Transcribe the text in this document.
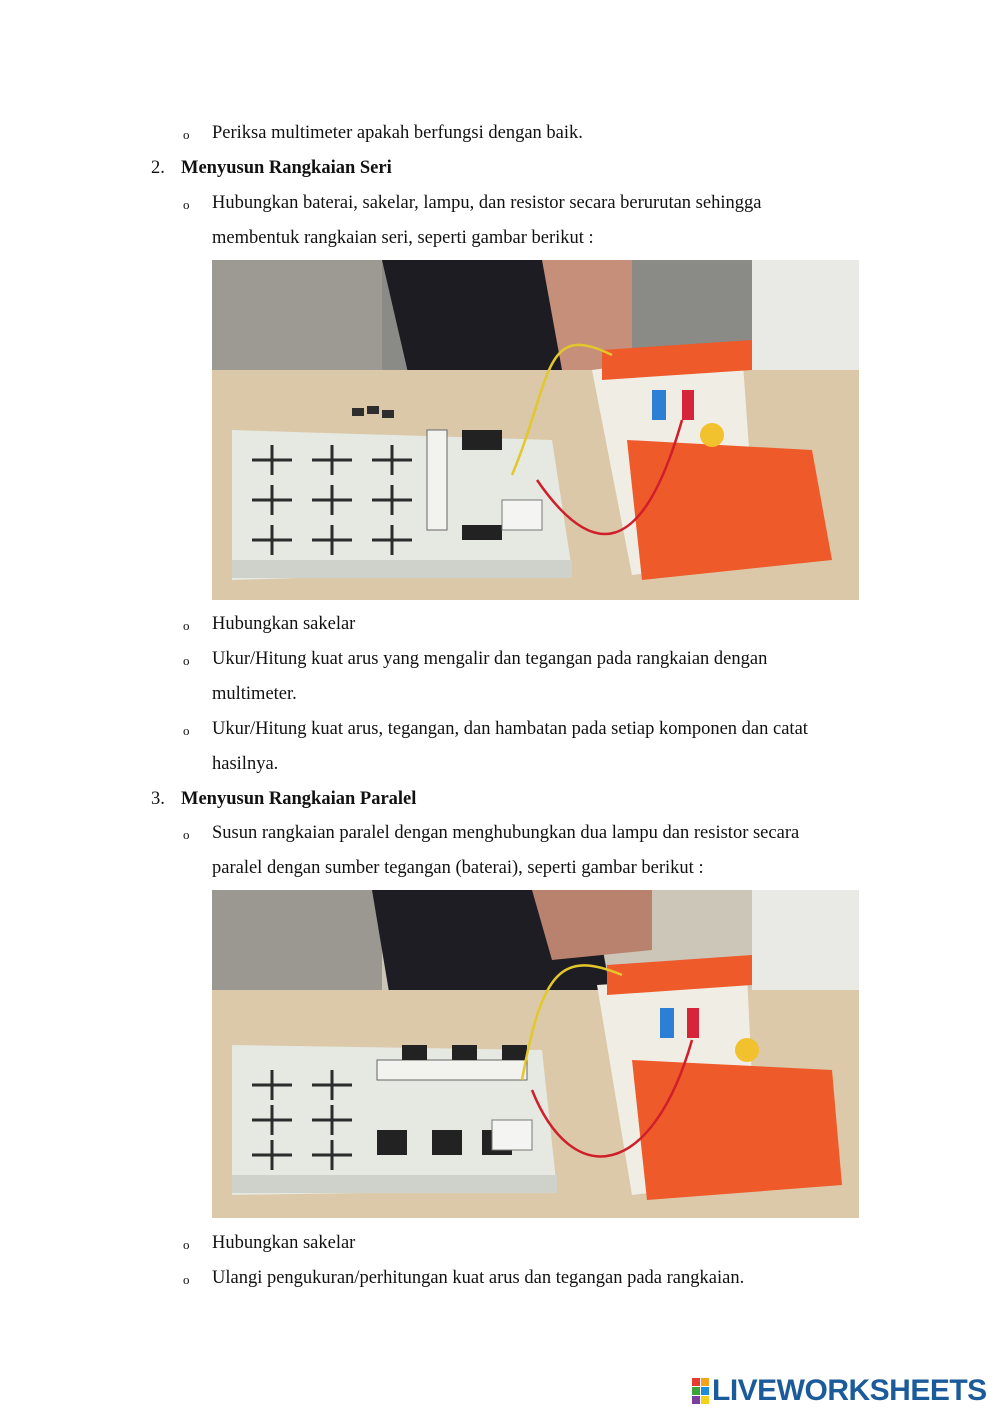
o Periksa multimeter apakah berfungsi dengan baik.
2. Menyusun Rangkaian Seri
o Hubungkan baterai, sakelar, lampu, dan resistor secara berurutan sehingga
membentuk rangkaian seri, seperti gambar berikut :
o Hubungkan sakelar
o Ukur/Hitung kuat arus yang mengalir dan tegangan pada rangkaian dengan
multimeter.
o Ukur/Hitung kuat arus, tegangan, dan hambatan pada setiap komponen dan catat
hasilnya.
3. Menyusun Rangkaian Paralel
o Susun rangkaian paralel dengan menghubungkan dua lampu dan resistor secara
paralel dengan sumber tegangan (baterai), seperti gambar berikut :
o Hubungkan sakelar
o Ulangi pengukuran/perhitungan kuat arus dan tegangan pada rangkaian.
LIVEWORKSHEETS
